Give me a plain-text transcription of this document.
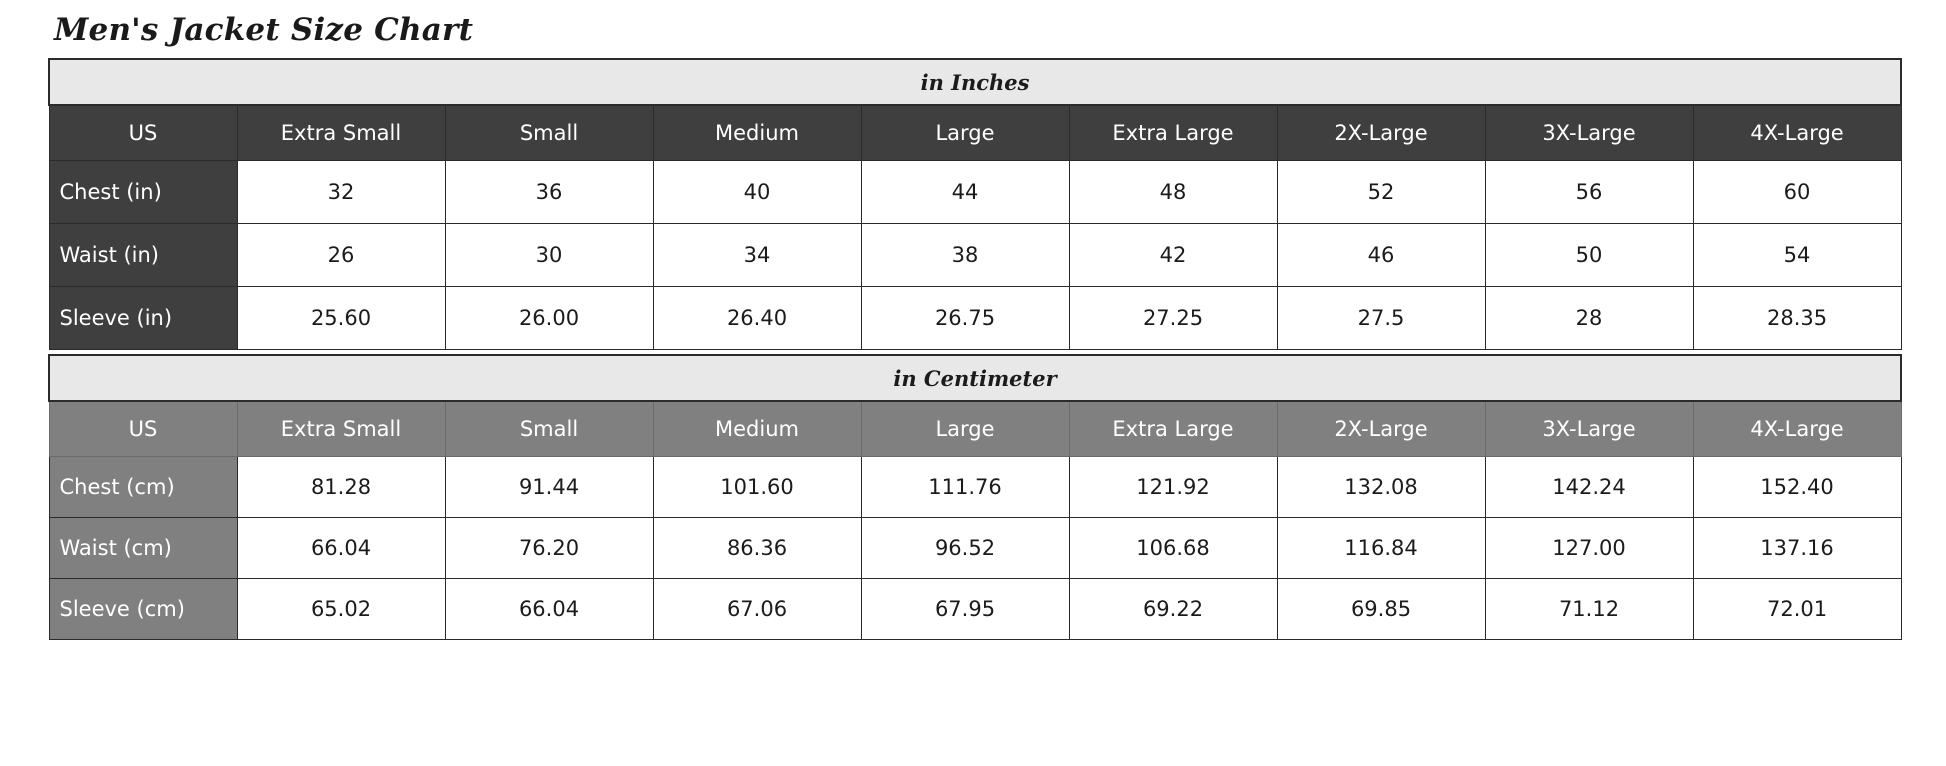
Men's Jacket Size Chart
in Inches								
US	Extra Small	Small	Medium	Large	Extra Large	2X-Large	3X-Large	4X-Large
Chest (in)	32	36	40	44	48	52	56	60
Waist (in)	26	30	34	38	42	46	50	54
Sleeve (in)	25.60	26.00	26.40	26.75	27.25	27.5	28	28.35
in Centimeter								
US	Extra Small	Small	Medium	Large	Extra Large	2X-Large	3X-Large	4X-Large
Chest (cm)	81.28	91.44	101.60	111.76	121.92	132.08	142.24	152.40
Waist (cm)	66.04	76.20	86.36	96.52	106.68	116.84	127.00	137.16
Sleeve (cm)	65.02	66.04	67.06	67.95	69.22	69.85	71.12	72.01
